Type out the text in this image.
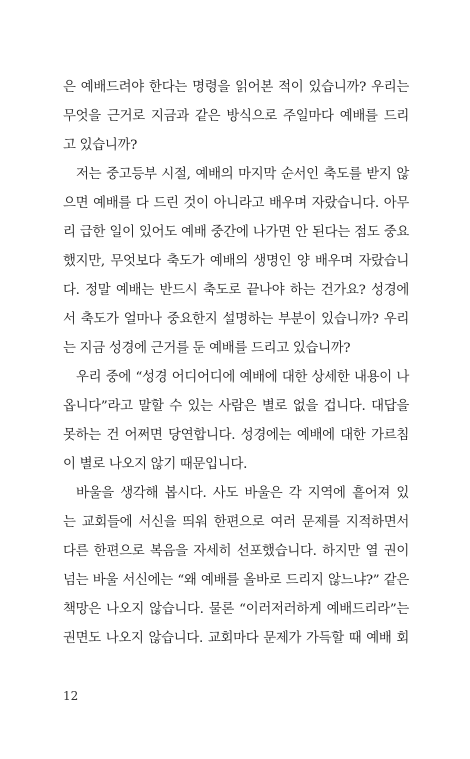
은 예배드려야 한다는 명령을 읽어본 적이 있습니까? 우리는
무엇을 근거로 지금과 같은 방식으로 주일마다 예배를 드리
고 있습니까?
저는 중고등부 시절, 예배의 마지막 순서인 축도를 받지 않
으면 예배를 다 드린 것이 아니라고 배우며 자랐습니다. 아무
리 급한 일이 있어도 예배 중간에 나가면 안 된다는 점도 중요
했지만, 무엇보다 축도가 예배의 생명인 양 배우며 자랐습니
다. 정말 예배는 반드시 축도로 끝나야 하는 건가요? 성경에
서 축도가 얼마나 중요한지 설명하는 부분이 있습니까? 우리
는 지금 성경에 근거를 둔 예배를 드리고 있습니까?
우리 중에 “성경 어디어디에 예배에 대한 상세한 내용이 나
옵니다”라고 말할 수 있는 사람은 별로 없을 겁니다. 대답을
못하는 건 어쩌면 당연합니다. 성경에는 예배에 대한 가르침
이 별로 나오지 않기 때문입니다.
바울을 생각해 봅시다. 사도 바울은 각 지역에 흩어져 있
는 교회들에 서신을 띄워 한편으로 여러 문제를 지적하면서
다른 한편으로 복음을 자세히 선포했습니다. 하지만 열 권이
넘는 바울 서신에는 “왜 예배를 올바로 드리지 않느냐?” 같은
책망은 나오지 않습니다. 물론 “이러저러하게 예배드리라”는
권면도 나오지 않습니다. 교회마다 문제가 가득할 때 예배 회
12
